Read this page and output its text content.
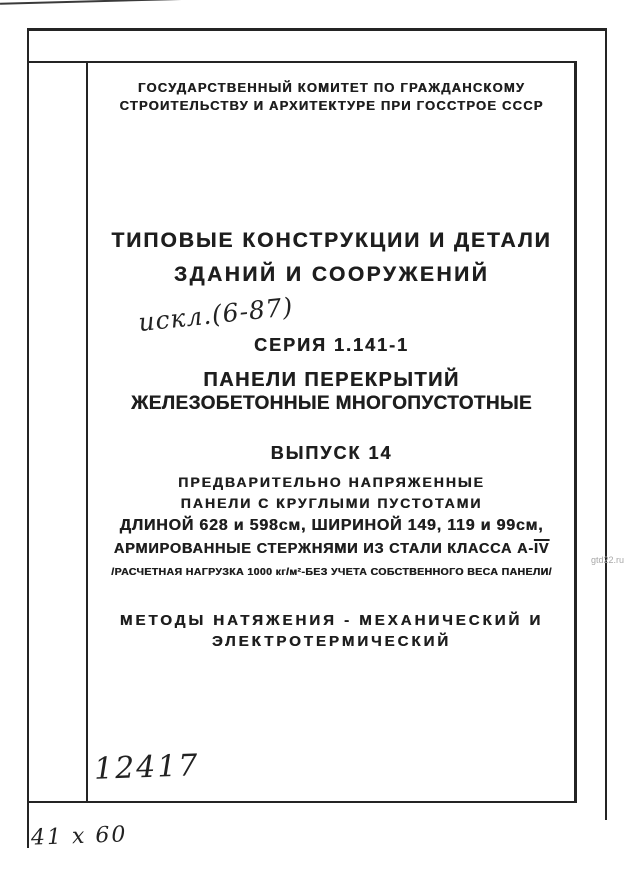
ГОСУДАРСТВЕННЫЙ КОМИТЕТ ПО ГРАЖДАНСКОМУ
СТРОИТЕЛЬСТВУ И АРХИТЕКТУРЕ ПРИ ГОССТРОЕ СССР
ТИПОВЫЕ КОНСТРУКЦИИ И ДЕТАЛИ
ЗДАНИЙ И СООРУЖЕНИЙ
искл.(6-87)
СЕРИЯ 1.141-1
ПАНЕЛИ ПЕРЕКРЫТИЙ
ЖЕЛЕЗОБЕТОННЫЕ МНОГОПУСТОТНЫЕ
ВЫПУСК 14
ПРЕДВАРИТЕЛЬНО НАПРЯЖЕННЫЕ
ПАНЕЛИ С КРУГЛЫМИ ПУСТОТАМИ
ДЛИНОЙ 628 и 598см, ШИРИНОЙ 149, 119 и 99см,
АРМИРОВАННЫЕ СТЕРЖНЯМИ ИЗ СТАЛИ КЛАССА $А-\overline{IV}$
/РАСЧЕТНАЯ НАГРУЗКА 1000 кг/м²-БЕЗ УЧЕТА СОБСТВЕННОГО ВЕСА ПАНЕЛИ/
МЕТОДЫ НАТЯЖЕНИЯ - МЕХАНИЧЕСКИЙ И
ЭЛЕКТРОТЕРМИЧЕСКИЙ
12417
41 х 60
gtd22.ru
